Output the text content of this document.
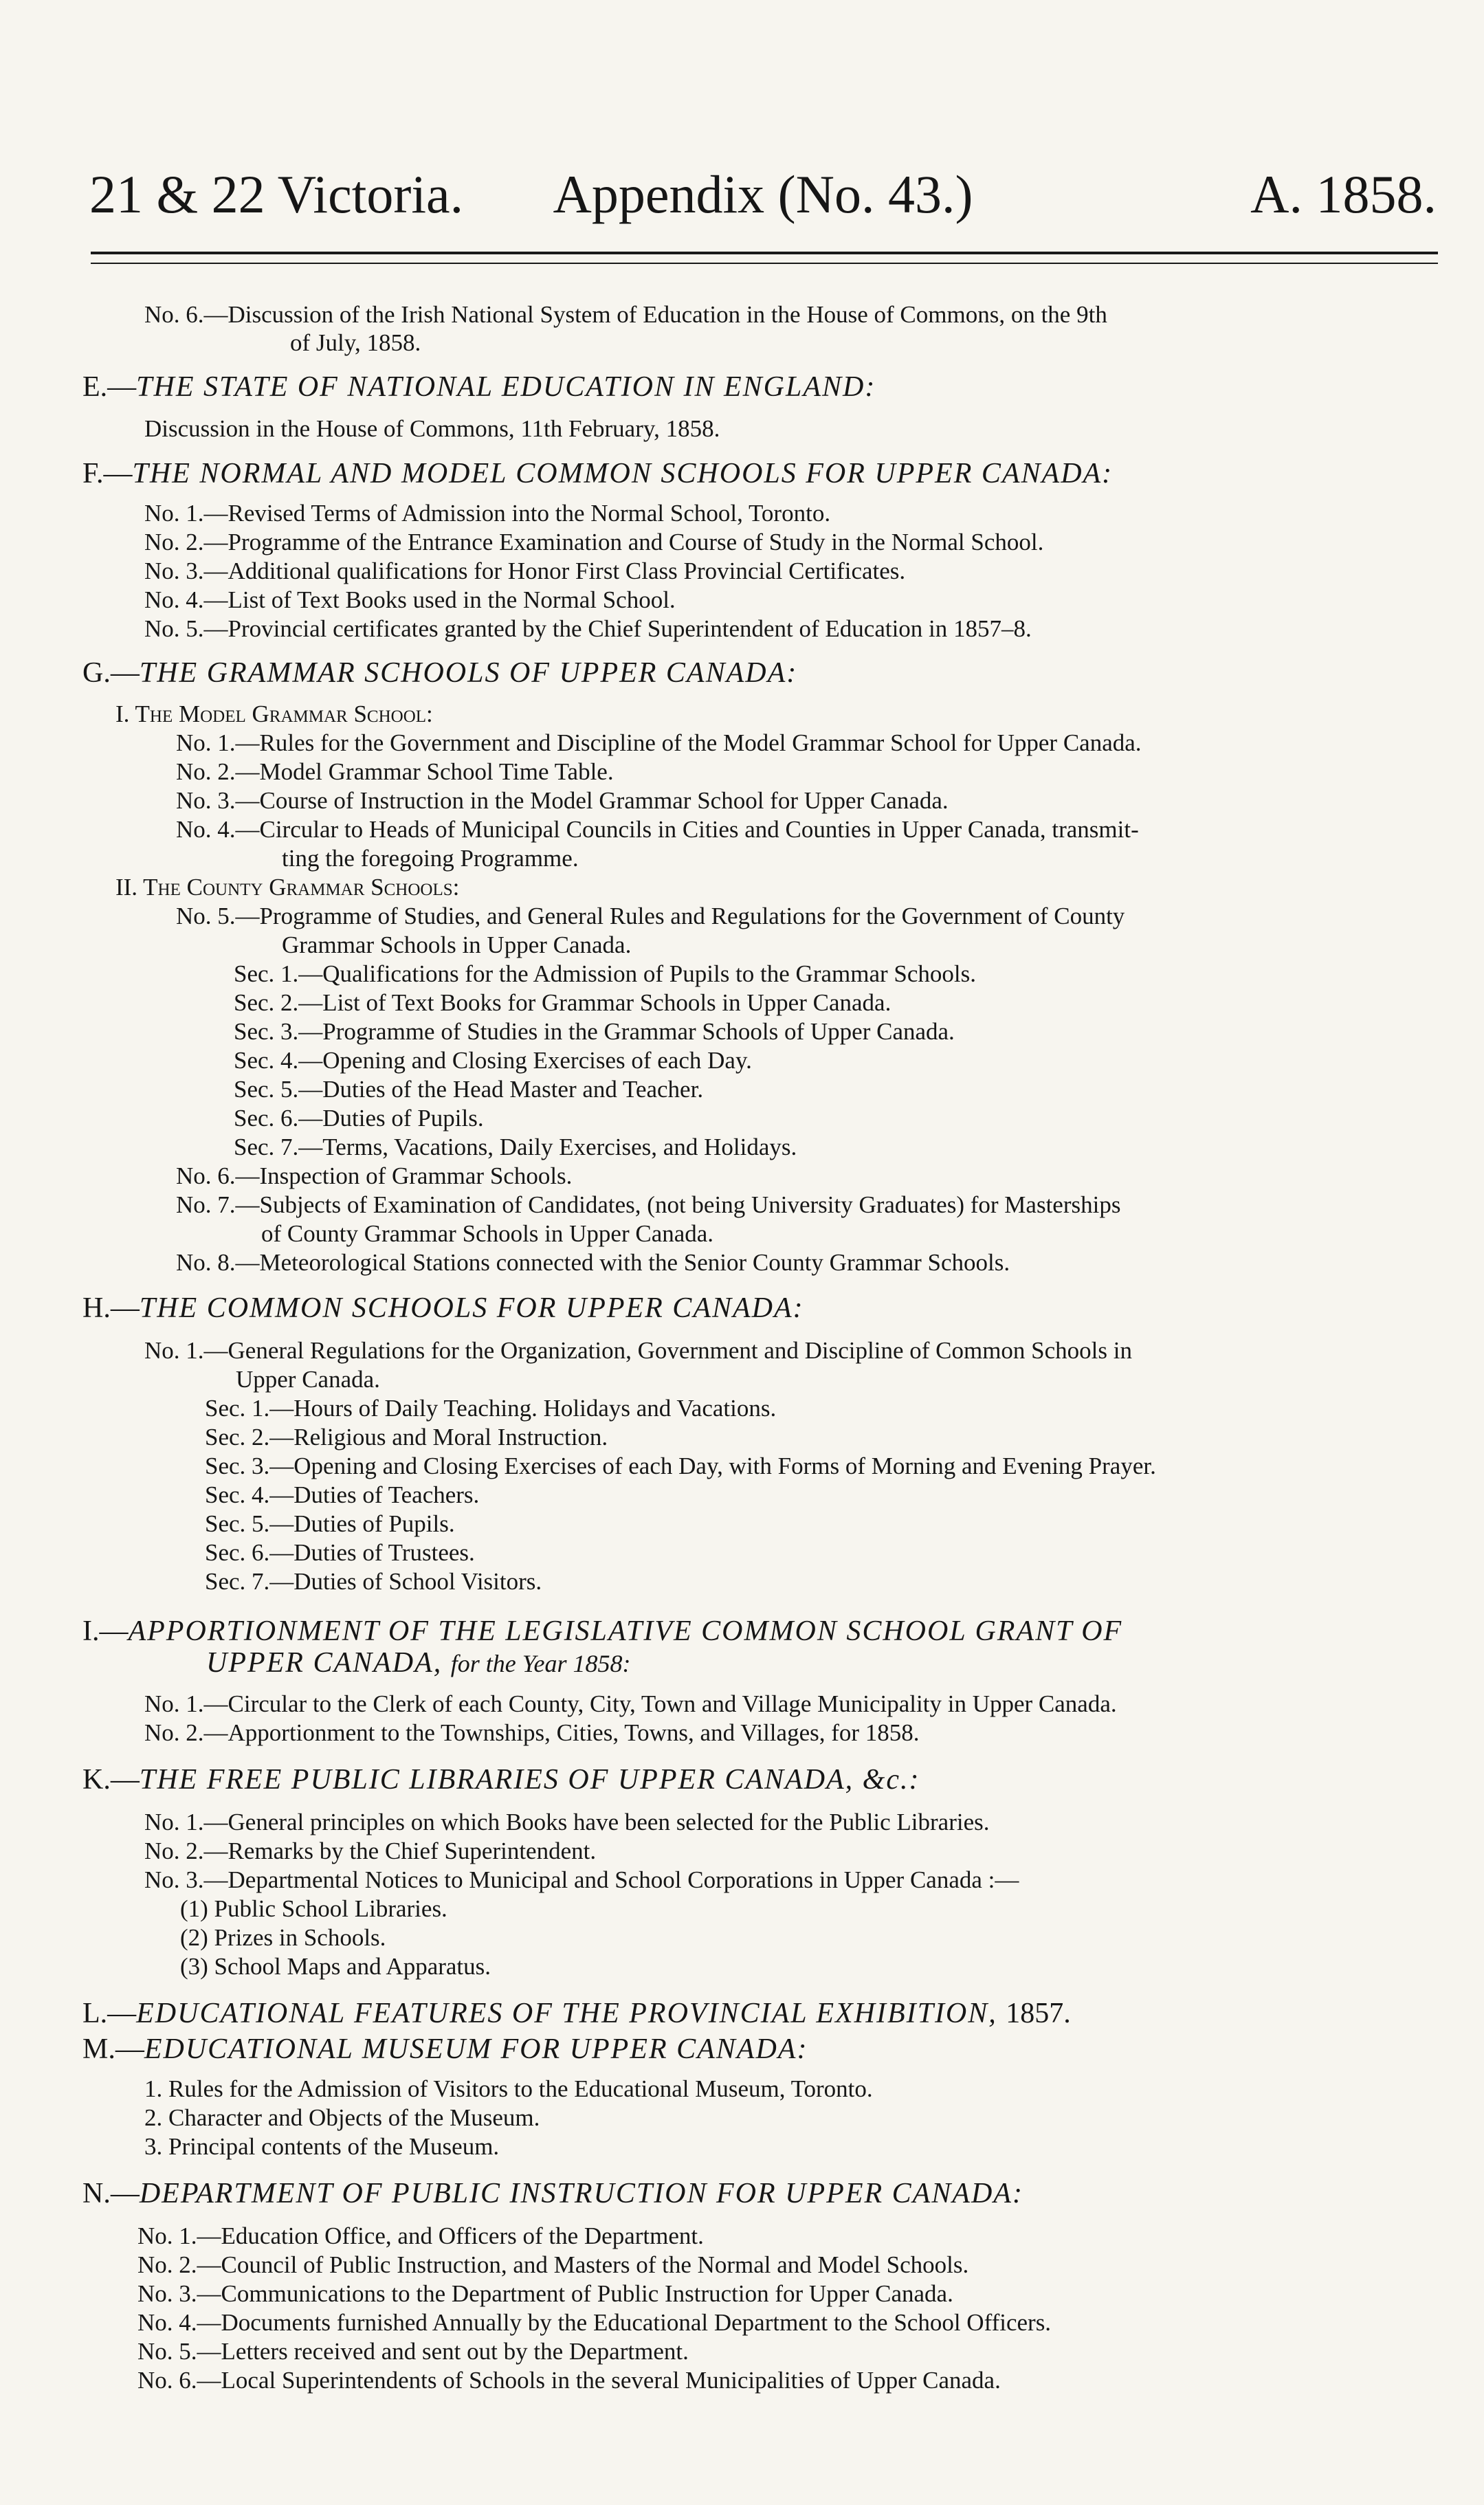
21 & 22 Victoria.	Appendix (No. 43.)	A. 1858.
No. 6.—Discussion of the Irish National System of Education in the House of Commons, on the 9th
of July, 1858.
E.—THE STATE OF NATIONAL EDUCATION IN ENGLAND:
Discussion in the House of Commons, 11th February, 1858.
F.—THE NORMAL AND MODEL COMMON SCHOOLS FOR UPPER CANADA:
No. 1.—Revised Terms of Admission into the Normal School, Toronto.
No. 2.—Programme of the Entrance Examination and Course of Study in the Normal School.
No. 3.—Additional qualifications for Honor First Class Provincial Certificates.
No. 4.—List of Text Books used in the Normal School.
No. 5.—Provincial certificates granted by the Chief Superintendent of Education in 1857–8.
G.—THE GRAMMAR SCHOOLS OF UPPER CANADA:
I. The Model Grammar School:
No. 1.—Rules for the Government and Discipline of the Model Grammar School for Upper Canada.
No. 2.—Model Grammar School Time Table.
No. 3.—Course of Instruction in the Model Grammar School for Upper Canada.
No. 4.—Circular to Heads of Municipal Councils in Cities and Counties in Upper Canada, transmit-
ting the foregoing Programme.
II. The County Grammar Schools:
No. 5.—Programme of Studies, and General Rules and Regulations for the Government of County
Grammar Schools in Upper Canada.
Sec. 1.—Qualifications for the Admission of Pupils to the Grammar Schools.
Sec. 2.—List of Text Books for Grammar Schools in Upper Canada.
Sec. 3.—Programme of Studies in the Grammar Schools of Upper Canada.
Sec. 4.—Opening and Closing Exercises of each Day.
Sec. 5.—Duties of the Head Master and Teacher.
Sec. 6.—Duties of Pupils.
Sec. 7.—Terms, Vacations, Daily Exercises, and Holidays.
No. 6.—Inspection of Grammar Schools.
No. 7.—Subjects of Examination of Candidates, (not being University Graduates) for Masterships
of County Grammar Schools in Upper Canada.
No. 8.—Meteorological Stations connected with the Senior County Grammar Schools.
H.—THE COMMON SCHOOLS FOR UPPER CANADA:
No. 1.—General Regulations for the Organization, Government and Discipline of Common Schools in
Upper Canada.
Sec. 1.—Hours of Daily Teaching. Holidays and Vacations.
Sec. 2.—Religious and Moral Instruction.
Sec. 3.—Opening and Closing Exercises of each Day, with Forms of Morning and Evening Prayer.
Sec. 4.—Duties of Teachers.
Sec. 5.—Duties of Pupils.
Sec. 6.—Duties of Trustees.
Sec. 7.—Duties of School Visitors.
I.—APPORTIONMENT OF THE LEGISLATIVE COMMON SCHOOL GRANT OF
UPPER CANADA, for the Year 1858:
No. 1.—Circular to the Clerk of each County, City, Town and Village Municipality in Upper Canada.
No. 2.—Apportionment to the Townships, Cities, Towns, and Villages, for 1858.
K.—THE FREE PUBLIC LIBRARIES OF UPPER CANADA, &c.:
No. 1.—General principles on which Books have been selected for the Public Libraries.
No. 2.—Remarks by the Chief Superintendent.
No. 3.—Departmental Notices to Municipal and School Corporations in Upper Canada :—
(1) Public School Libraries.
(2) Prizes in Schools.
(3) School Maps and Apparatus.
L.—EDUCATIONAL FEATURES OF THE PROVINCIAL EXHIBITION, 1857.
M.—EDUCATIONAL MUSEUM FOR UPPER CANADA:
1. Rules for the Admission of Visitors to the Educational Museum, Toronto.
2. Character and Objects of the Museum.
3. Principal contents of the Museum.
N.—DEPARTMENT OF PUBLIC INSTRUCTION FOR UPPER CANADA:
No. 1.—Education Office, and Officers of the Department.
No. 2.—Council of Public Instruction, and Masters of the Normal and Model Schools.
No. 3.—Communications to the Department of Public Instruction for Upper Canada.
No. 4.—Documents furnished Annually by the Educational Department to the School Officers.
No. 5.—Letters received and sent out by the Department.
No. 6.—Local Superintendents of Schools in the several Municipalities of Upper Canada.
